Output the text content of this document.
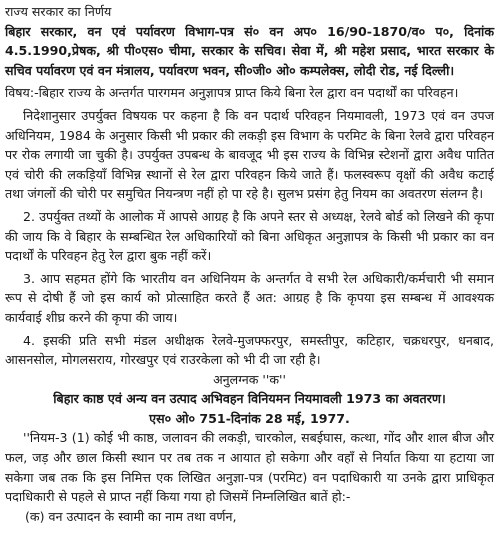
राज्य सरकार का निर्णय

बिहार सरकार, वन एवं पर्यावरण विभाग-पत्र सं० वन अप० 16/90-1870/व० प०, दिनांक 4.5.1990,प्रेषक, श्री पी०एस० चीमा, सरकार के सचिव। सेवा में, श्री महेश प्रसाद, भारत सरकार के सचिव पर्यावरण एवं वन मंत्रालय, पर्यावरण भवन, सी०जी० ओ० कम्पलेक्स, लोदी रोड, नई दिल्ली।

विषय:-बिहार राज्य के अन्तर्गत पारगमन अनुज्ञापत्र प्राप्त किये बिना रेल द्वारा वन पदार्थों का परिवहन।

निदेशानुसार उपर्युक्त विषयक पर कहना है कि वन पदार्थ परिवहन नियमावली, 1973 एवं वन उपज अधिनियम, 1984 के अनुसार किसी भी प्रकार की लकड़ी इस विभाग के परमिट के बिना रेलवे द्वारा परिवहन पर रोक लगायी जा चुकी है। उपर्युक्त उपबन्ध के बावजूद भी इस राज्य के विभिन्न स्टेशनों द्वारा अवैध पातित एवं चोरी की लकड़ियाँ विभिन्न स्थानों से रेल द्वारा परिवहन किये जाते हैं। फलस्वरूप वृक्षों की अवैध कटाई तथा जंगलों की चोरी पर समुचित नियन्त्रण नहीं हो पा रहे है। सुलभ प्रसंग हेतु नियम का अवतरण संलग्न है।

2. उपर्युक्त तथ्यों के आलोक में आपसे आग्रह है कि अपने स्तर से अध्यक्ष, रेलवे बोर्ड को लिखने की कृपा की जाय कि वे बिहार के सम्बन्धित रेल अधिकारियों को बिना अधिकृत अनुज्ञापत्र के किसी भी प्रकार का वन पदार्थों के परिवहन हेतु रेल द्वारा बुक नहीं करें।

3. आप सहमत होंगे कि भारतीय वन अधिनियम के अन्तर्गत वे सभी रेल अधिकारी/कर्मचारी भी समान रूप से दोषी हैं जो इस कार्य को प्रोत्साहित करते हैं अत: आग्रह है कि कृपया इस सम्बन्ध में आवश्यक कार्यवाई शीघ्र करने की कृपा की जाय।

4. इसकी प्रति सभी मंडल अधीक्षक रेलवे-मुजफ्फरपुर, समस्तीपुर, कटिहार, चक्रधरपुर, धनबाद, आसनसोल, मोगलसराय, गोरखपुर एवं राउरकेला को भी दी जा रही है।

अनुलग्नक ''क''

बिहार काष्ठ एवं अन्य वन उत्पाद अभिवहन विनियमन नियमावली 1973 का अवतरण।

एस० ओ० 751-दिनांक 28 मई, 1977.

''नियम-3 (1) कोई भी काष्ठ, जलावन की लकड़ी, चारकोल, सबईघास, कत्था, गोंद और शाल बीज और फल, जड़ और छाल किसी स्थान पर तब तक न आयात हो सकेगा और वहाँ से निर्यात किया या हटाया जा सकेगा जब तक कि इस निमित्त एक लिखित अनुज्ञा-पत्र (परमिट) वन पदाधिकारी या उनके द्वारा प्राधिकृत पदाधिकारी से पहले से प्राप्त नहीं किया गया हो जिसमें निम्नलिखित बातें हो:-

(क) वन उत्पादन के स्वामी का नाम तथा वर्णन,
